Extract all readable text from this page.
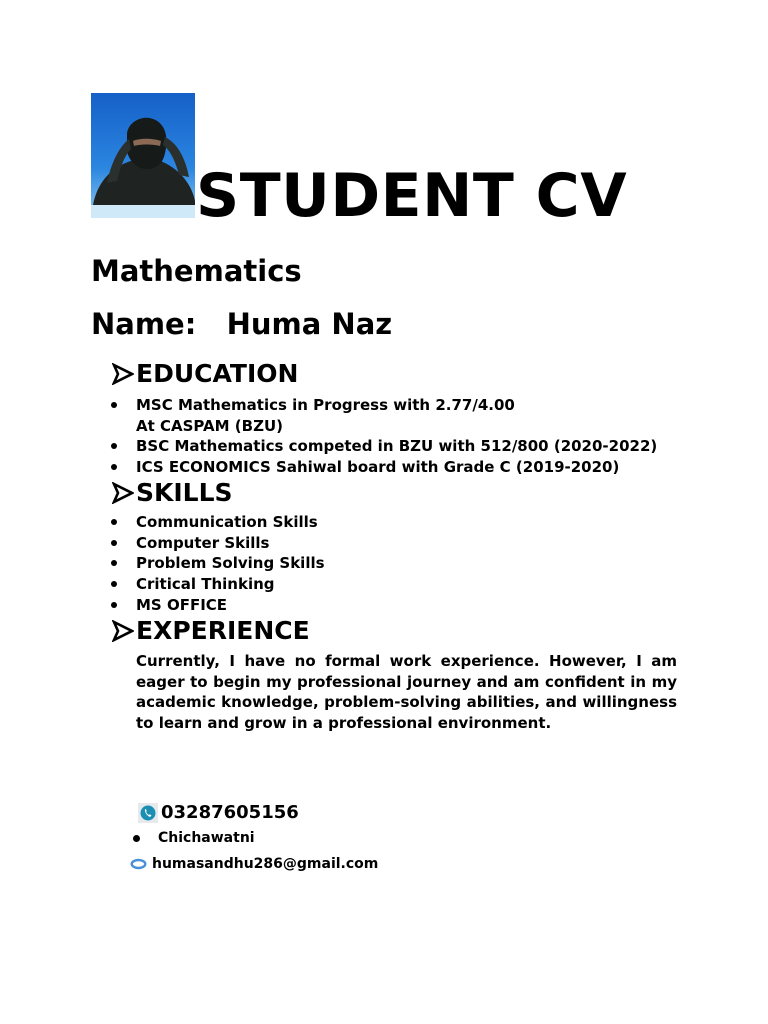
STUDENT CV
Mathematics
Name: Huma Naz
EDUCATION
MSC Mathematics in Progress with 2.77/4.00
At CASPAM (BZU)
BSC Mathematics competed in BZU with 512/800 (2020-2022)
ICS ECONOMICS Sahiwal board with Grade C (2019-2020)
SKILLS
Communication Skills
Computer Skills
Problem Solving Skills
Critical Thinking
MS OFFICE
EXPERIENCE

Currently, I have no formal work experience. However, I am eager to begin my professional journey and am confident in my academic knowledge, problem-solving abilities, and willingness to learn and grow in a professional environment.

03287605156
Chichawatni
humasandhu286@gmail.com
